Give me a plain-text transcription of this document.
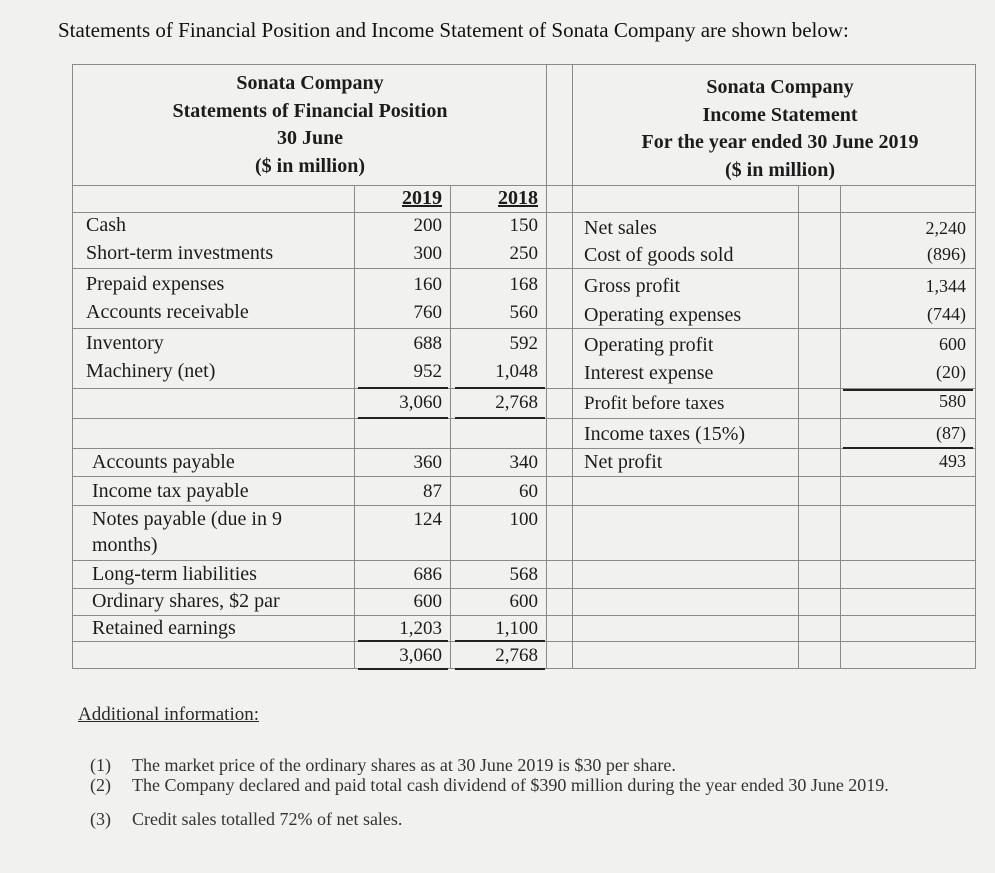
Statements of Financial Position and Income Statement of Sonata Company are shown below:
Sonata Company
Statements of Financial Position
30 June
($ in million)
Sonata Company
Income Statement
For the year ended 30 June 2019
($ in million)
2019	2018
Cash	200	150
Short-term investments	300	250
Prepaid expenses	160	168
Accounts receivable	760	560
Inventory	688	592
Machinery (net)	952	1,048
3,060	2,768
Accounts payable	360	340
Income tax payable	87	60
Notes payable (due in 9
months)
124	100
Long-term liabilities	686	568
Ordinary shares, $2 par	600	600
Retained earnings	1,203	1,100
3,060	2,768
Net sales	2,240
Cost of goods sold	(896)
Gross profit	1,344
Operating expenses	(744)
Operating profit	600
Interest expense	(20)
Profit before taxes	580
Income taxes (15%)	(87)
Net profit	493
Additional information:
(1)	The market price of the ordinary shares as at 30 June 2019 is $30 per share.
(2)	The Company declared and paid total cash dividend of $390 million during the year ended 30 June 2019.
(3)	Credit sales totalled 72% of net sales.
